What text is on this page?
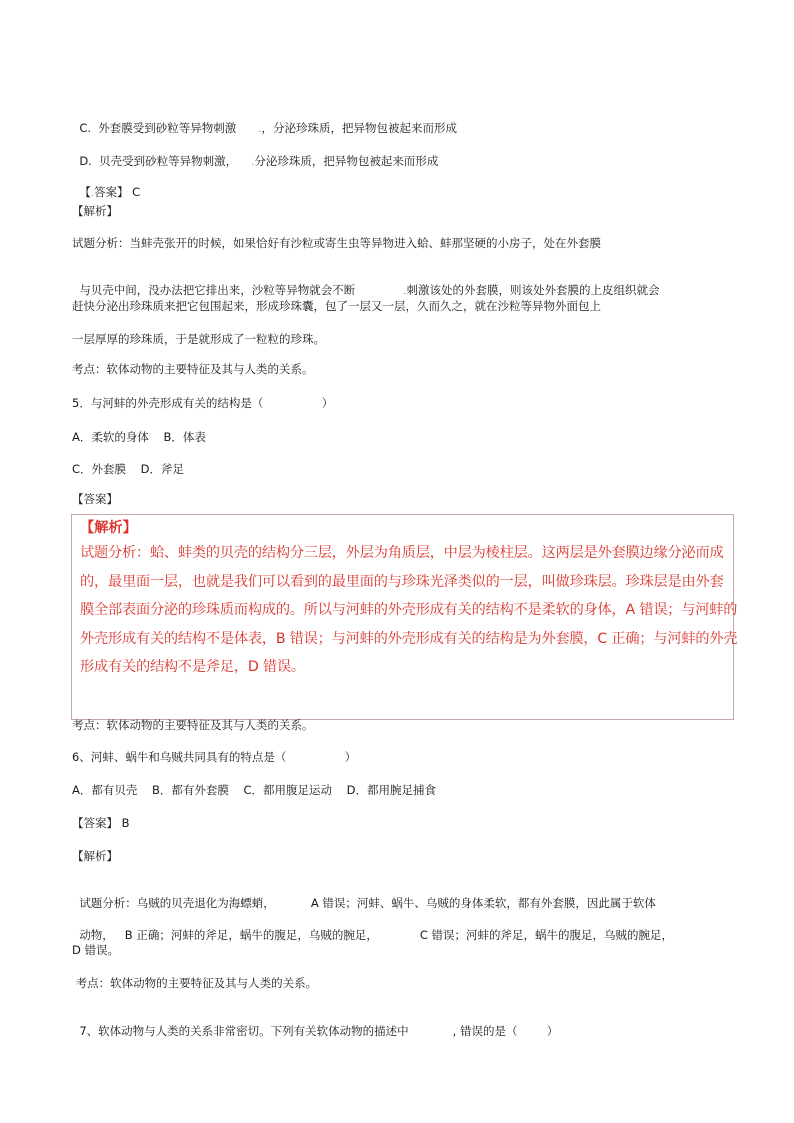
C.  外套膜受到砂粒等异物刺激 .，分泌珍珠质，把异物包被起来而形成

D.  贝壳受到砂粒等异物刺激， .分泌珍珠质，把异物包被起来而形成

【.答案】 C

【解析】
试题分析：当蚌壳张开的时候，如果恰好有沙粒或寄生虫等异物进入蛤、蚌那坚硬的小房子，处在外套膜

与贝壳中间，没办法把它排出来，沙粒等异物就会不断	.刺激该处的外套膜，则该处外套膜的上皮组织就会

赶快分泌出珍珠质来把它包围起来，形成珍珠囊，包了一层又一层，久而久之，就在沙粒等异物外面包上
一层厚厚的珍珠质，于是就形成了一粒粒的珍珠。
考点：软体动物的主要特征及其与人类的关系。
5．与河蚌的外壳形成有关的结构是（                ）
A．柔软的身体    B．体表
C．外套膜    D．斧足
【答案】
【解析】
试题分析：蛤、蚌类的贝壳的结构分三层，外层为角质层，中层为棱柱层。这两层是外套膜边缘分泌而成
的，最里面一层，也就是我们可以看到的最里面的与珍珠光泽类似的一层，叫做珍珠层。珍珠层是由外套
膜全部表面分泌的珍珠质而构成的。所以与河蚌的外壳形成有关的结构不是柔软的身体，A 错误；与河蚌的
外壳形成有关的结构不是体表，B 错误；与河蚌的外壳形成有关的结构是为外套膜，C 正确；与河蚌的外壳
形成有关的结构不是斧足，D 错误。
考点：软体动物的主要特征及其与人类的关系。
6、河蚌、蜗牛和乌贼共同具有的特点是（                ）
A．都有贝壳    B．都有外套膜    C．都用腹足运动    D．都用腕足捕食
【答案】 B
【解析】

试题分析：乌贼的贝壳退化为海螵蛸，	A 错误；河蚌、蜗牛、乌贼的身体柔软，都有外套膜，因此属于软体

动物，   B 正确；河蚌的斧足，蜗牛的腹足，乌贼的腕足，	C 错误；河蚌的斧足，蜗牛的腹足，乌贼的腕足，

D 错误。
考点：软体动物的主要特征及其与人类的关系。

7、软体动物与人类的关系非常密切。下列有关软体动物的描述中	, 错误的是（        ）
